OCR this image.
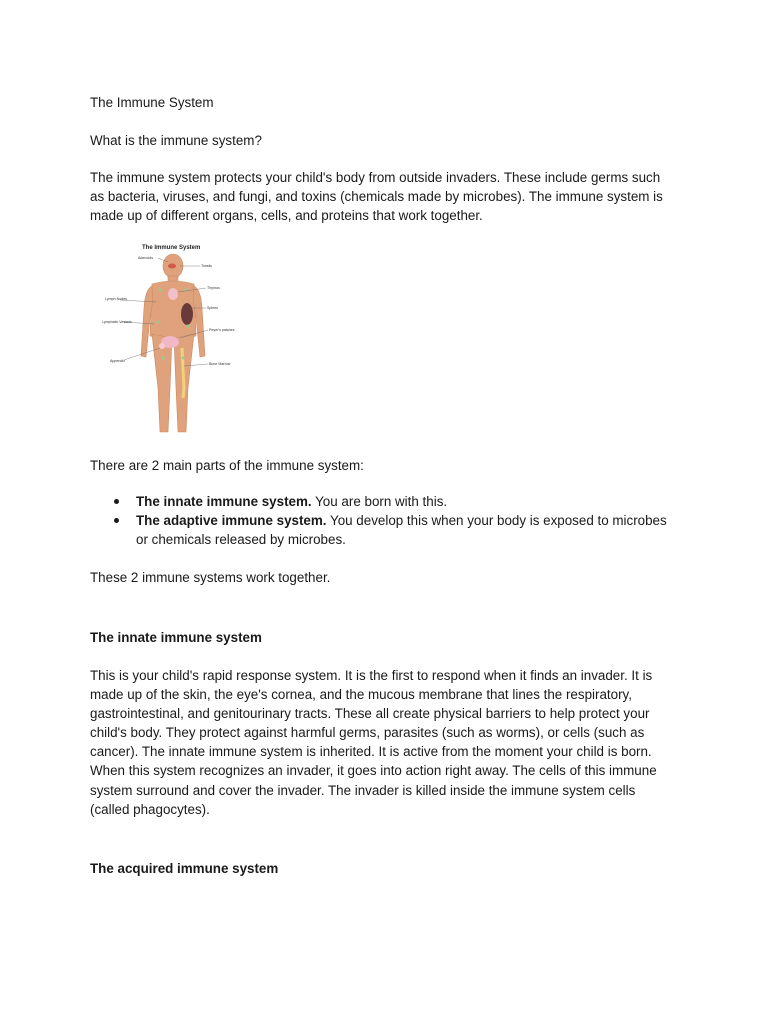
The Immune System

What is the immune system?

The immune system protects your child's body from outside invaders. These include germs such
as bacteria, viruses, and fungi, and toxins (chemicals made by microbes). The immune system is
made up of different organs, cells, and proteins that work together.
The Immune System
Adenoids
Tonsils
Thymus
Lymph Nodes
Spleen
Lymphatic Vessels
Peyer's patches
Appendix
Bone Marrow

There are 2 main parts of the immune system:

The innate immune system. You are born with this.
The adaptive immune system. You develop this when your body is exposed to microbes
or chemicals released by microbes.

These 2 immune systems work together.

The innate immune system

This is your child's rapid response system. It is the first to respond when it finds an invader. It is
made up of the skin, the eye's cornea, and the mucous membrane that lines the respiratory,
gastrointestinal, and genitourinary tracts. These all create physical barriers to help protect your
child's body. They protect against harmful germs, parasites (such as worms), or cells (such as
cancer). The innate immune system is inherited. It is active from the moment your child is born.
When this system recognizes an invader, it goes into action right away. The cells of this immune
system surround and cover the invader. The invader is killed inside the immune system cells
(called phagocytes).

The acquired immune system
